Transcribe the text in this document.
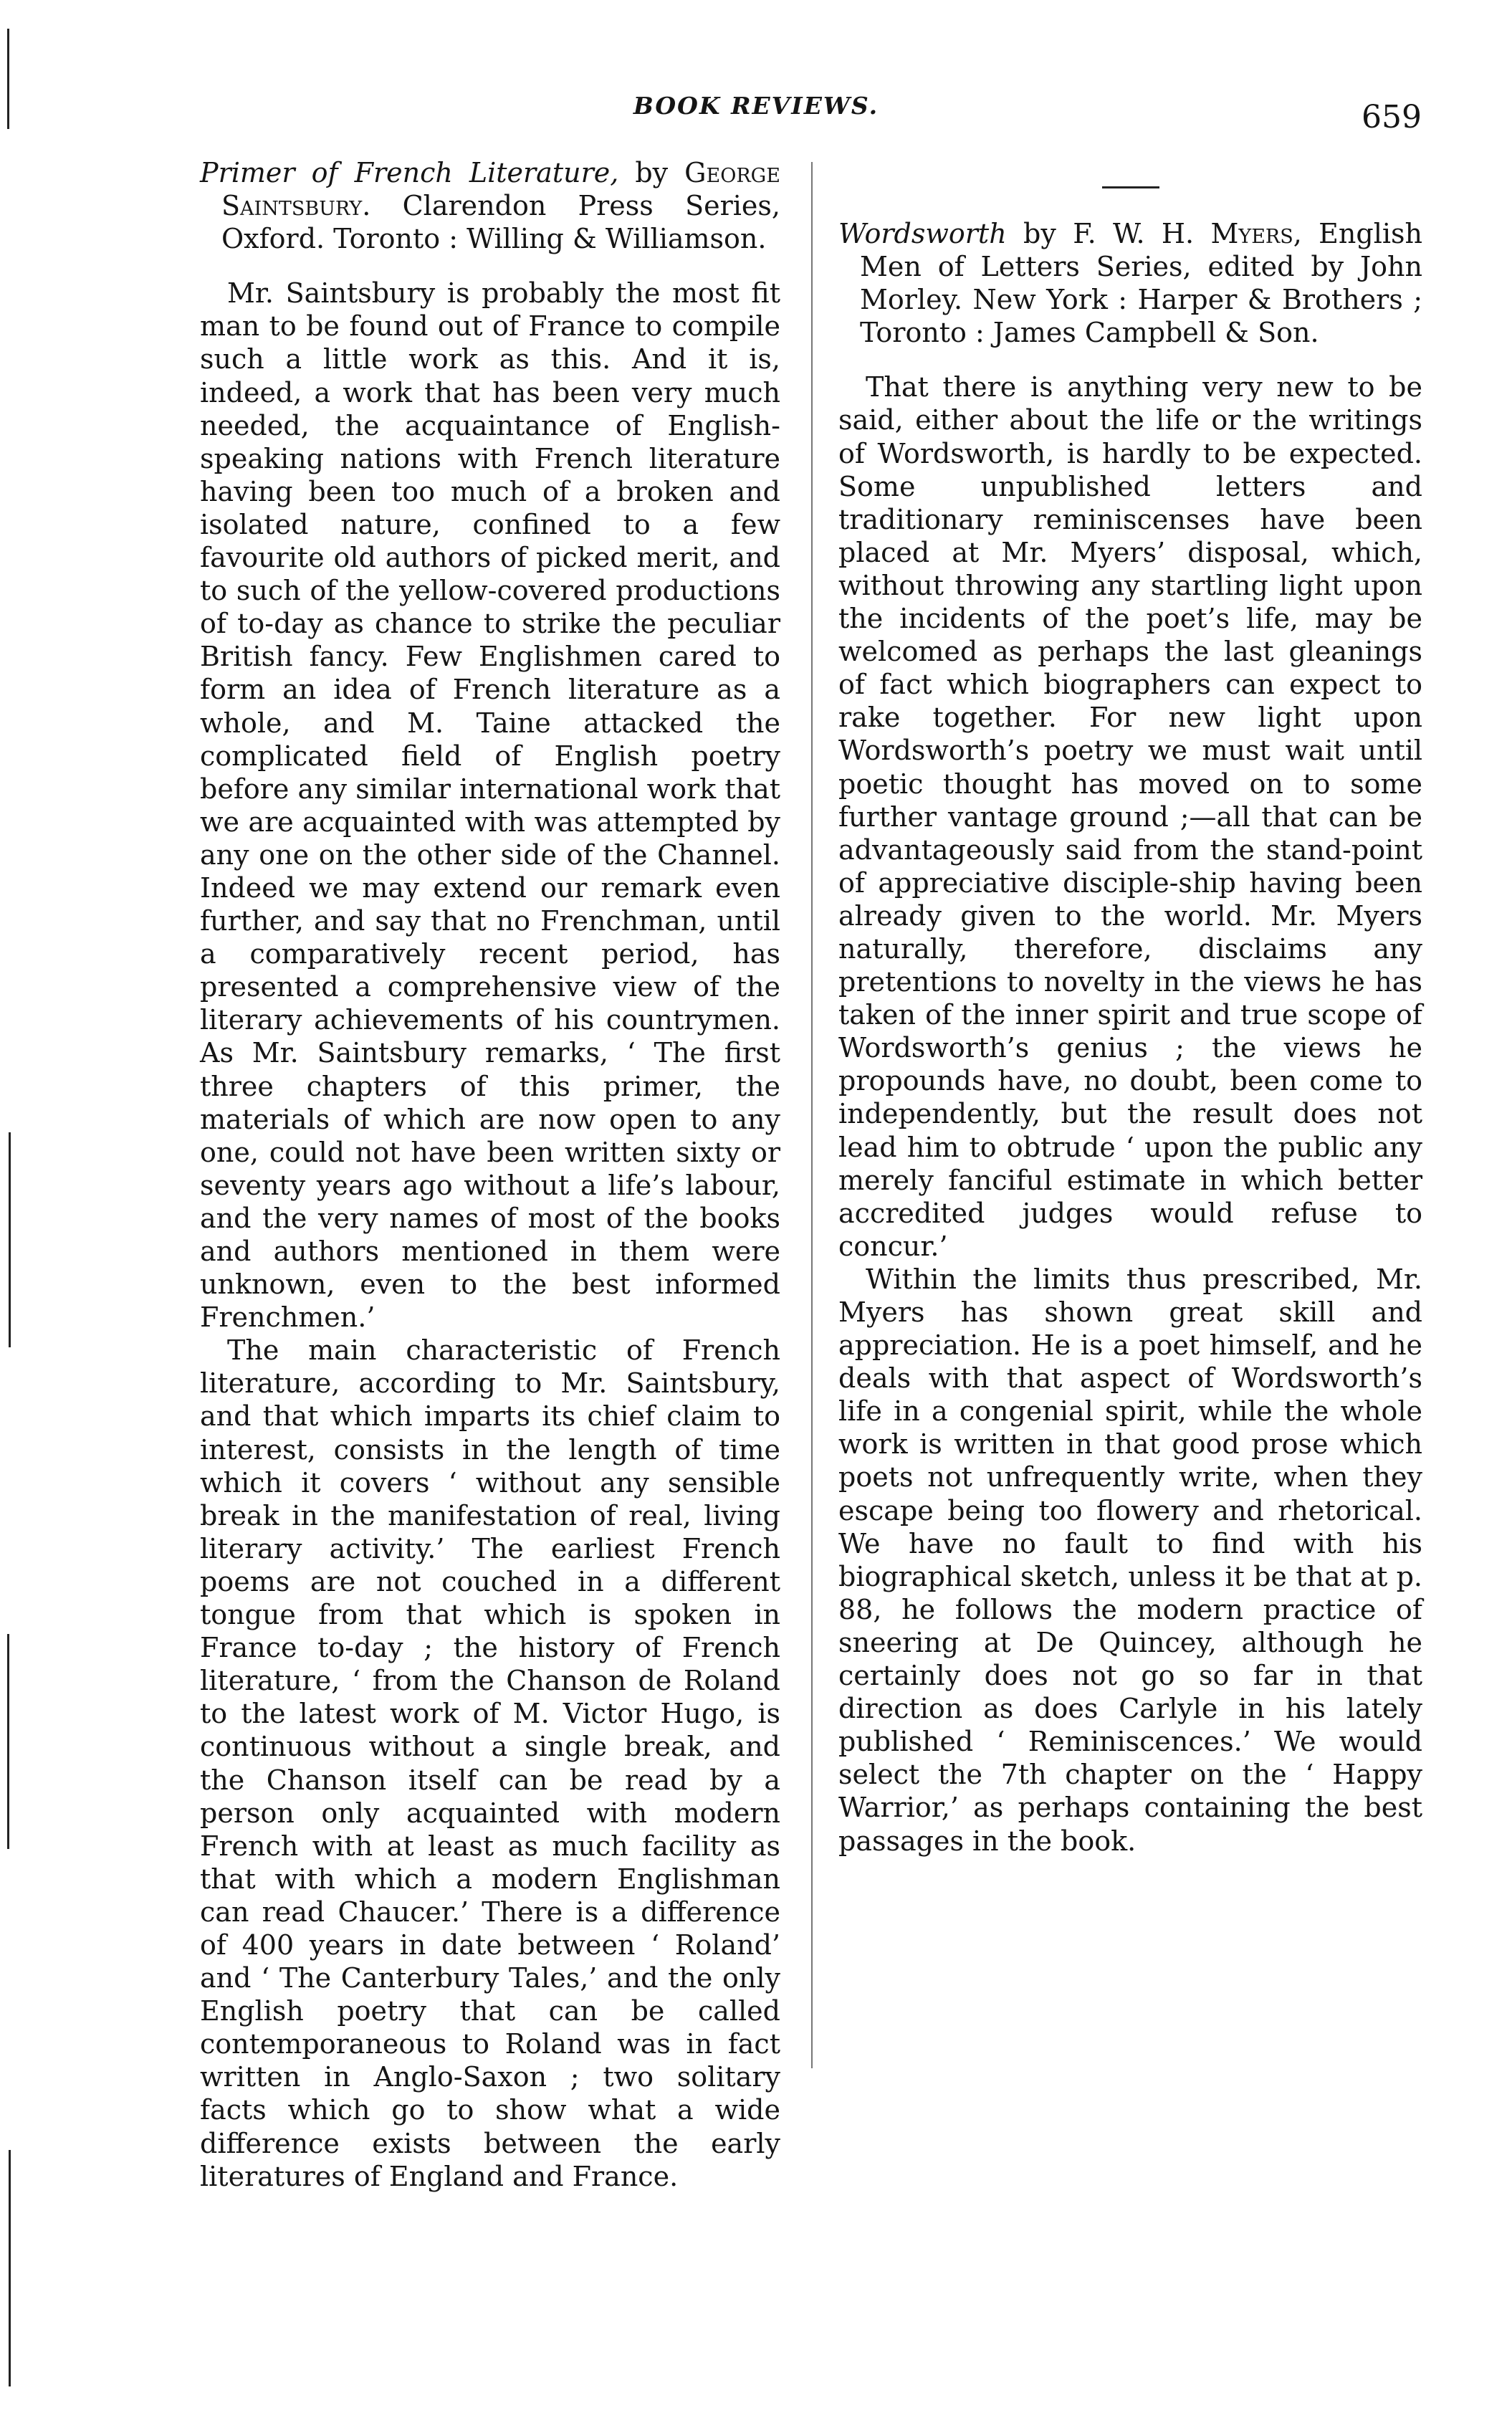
BOOK REVIEWS.	659

Primer of French Literature, by George Saintsbury. Clarendon Press Series, Oxford. Toronto : Willing & Williamson.

Mr. Saintsbury is probably the most fit man to be found out of France to compile such a little work as this. And it is, indeed, a work that has been very much needed, the acquaintance of English-speaking nations with French literature having been too much of a broken and isolated nature, confined to a few favourite old authors of picked merit, and to such of the yellow-covered productions of to-day as chance to strike the peculiar British fancy. Few Englishmen cared to form an idea of French literature as a whole, and M. Taine attacked the complicated field of English poetry before any similar international work that we are acquainted with was attempted by any one on the other side of the Channel. Indeed we may extend our remark even further, and say that no Frenchman, until a comparatively recent period, has presented a comprehensive view of the literary achievements of his countrymen. As Mr. Saintsbury remarks, ‘ The first three chapters of this primer, the materials of which are now open to any one, could not have been written sixty or seventy years ago without a life’s labour, and the very names of most of the books and authors mentioned in them were unknown, even to the best informed Frenchmen.’

The main characteristic of French literature, according to Mr. Saintsbury, and that which imparts its chief claim to interest, consists in the length of time which it covers ‘ without any sensible break in the manifestation of real, living literary activity.’ The earliest French poems are not couched in a different tongue from that which is spoken in France to-day ; the history of French literature, ‘ from the Chanson de Roland to the latest work of M. Victor Hugo, is continuous without a single break, and the Chanson itself can be read by a person only acquainted with modern French with at least as much facility as that with which a modern Englishman can read Chaucer.’ There is a difference of 400 years in date between ‘ Roland’ and ‘ The Canterbury Tales,’ and the only English poetry that can be called contemporaneous to Roland was in fact written in Anglo-Saxon ; two solitary facts which go to show what a wide difference exists between the early literatures of England and France.

Wordsworth by F. W. H. Myers, English Men of Letters Series, edited by John Morley. New York : Harper & Brothers ; Toronto : James Campbell & Son.

That there is anything very new to be said, either about the life or the writings of Wordsworth, is hardly to be expected. Some unpublished letters and traditionary reminiscenses have been placed at Mr. Myers’ disposal, which, without throwing any startling light upon the incidents of the poet’s life, may be welcomed as perhaps the last gleanings of fact which biographers can expect to rake together. For new light upon Wordsworth’s poetry we must wait until poetic thought has moved on to some further vantage ground ;—all that can be advantageously said from the stand-point of appreciative disciple-ship having been already given to the world. Mr. Myers naturally, therefore, disclaims any pretentions to novelty in the views he has taken of the inner spirit and true scope of Wordsworth’s genius ; the views he propounds have, no doubt, been come to independently, but the result does not lead him to obtrude ‘ upon the public any merely fanciful estimate in which better accredited judges would refuse to concur.’

Within the limits thus prescribed, Mr. Myers has shown great skill and appreciation. He is a poet himself, and he deals with that aspect of Wordsworth’s life in a congenial spirit, while the whole work is written in that good prose which poets not unfrequently write, when they escape being too flowery and rhetorical. We have no fault to find with his biographical sketch, unless it be that at p. 88, he follows the modern practice of sneering at De Quincey, although he certainly does not go so far in that direction as does Carlyle in his lately published ‘ Reminiscences.’ We would select the 7th chapter on the ‘ Happy Warrior,’ as perhaps containing the best passages in the book.
